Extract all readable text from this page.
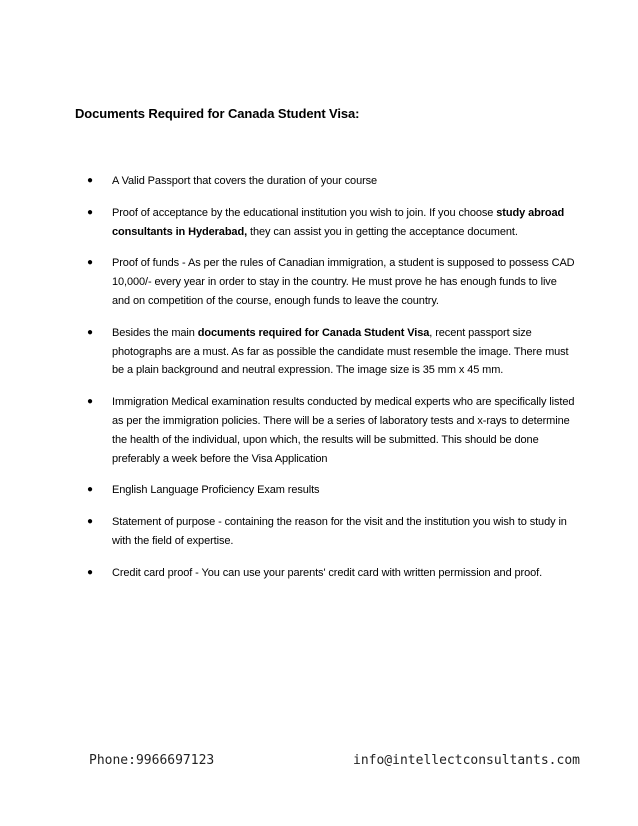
Documents Required for Canada Student Visa:
● A Valid Passport that covers the duration of your course
● Proof of acceptance by the educational institution you wish to join. If you choose study abroad consultants in Hyderabad, they can assist you in getting the acceptance document.
● Proof of funds - As per the rules of Canadian immigration, a student is supposed to possess CAD 10,000/- every year in order to stay in the country. He must prove he has enough funds to live and on competition of the course, enough funds to leave the country.
● Besides the main documents required for Canada Student Visa, recent passport size photographs are a must. As far as possible the candidate must resemble the image. There must be a plain background and neutral expression. The image size is 35 mm x 45 mm.
● Immigration Medical examination results conducted by medical experts who are specifically listed as per the immigration policies. There will be a series of laboratory tests and x-rays to determine the health of the individual, upon which, the results will be submitted. This should be done preferably a week before the Visa Application
● English Language Proficiency Exam results
● Statement of purpose - containing the reason for the visit and the institution you wish to study in with the field of expertise.
● Credit card proof - You can use your parents' credit card with written permission and proof.
Phone:9966697123	info@intellectconsultants.com
